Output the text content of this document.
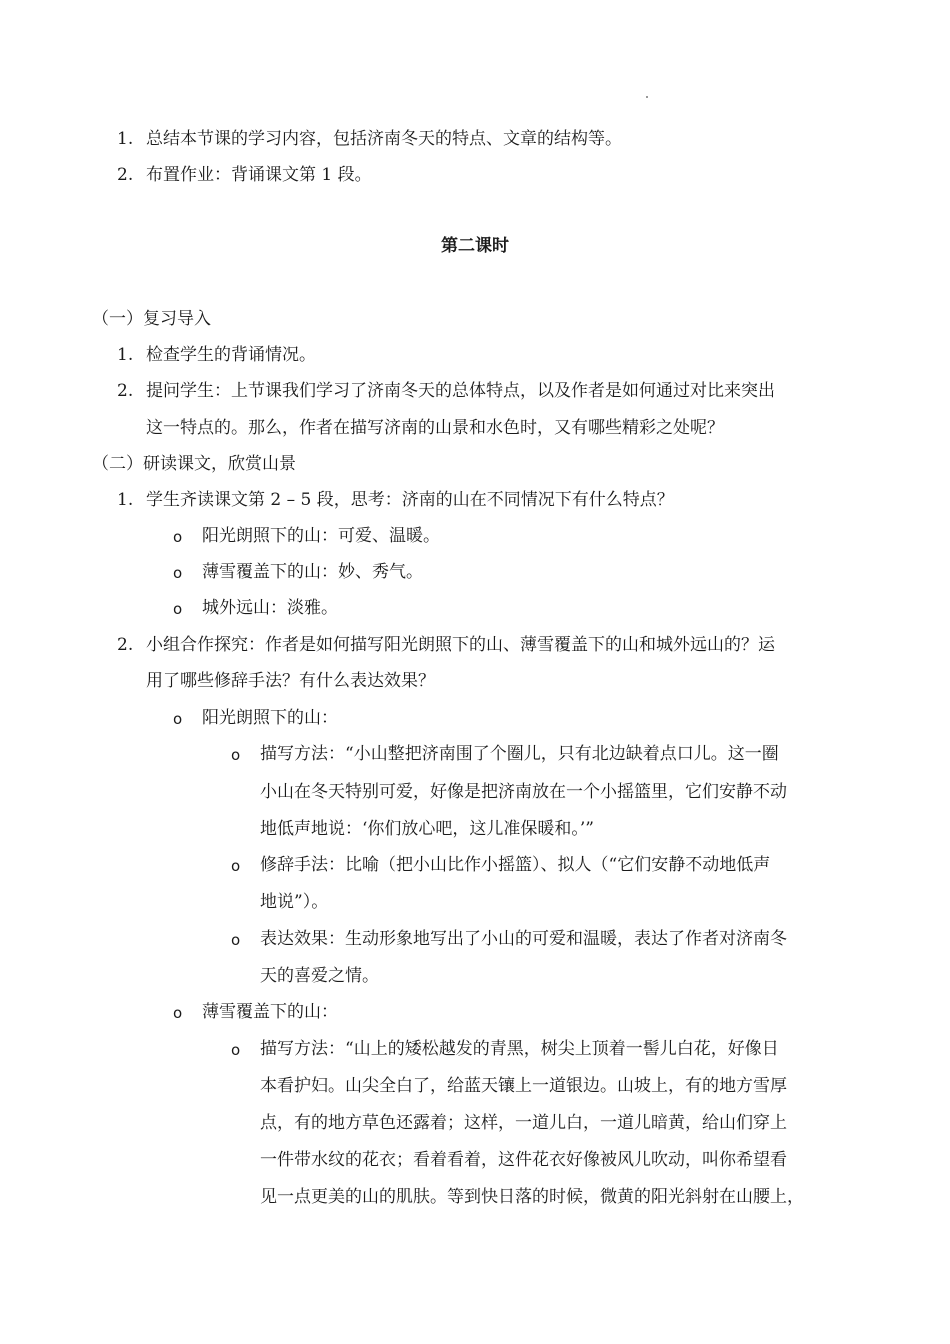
1. 总结本节课的学习内容，包括济南冬天的特点、文章的结构等。
2. 布置作业：背诵课文第 1 段。
第二课时
（一）复习导入
1. 检查学生的背诵情况。
2. 提问学生：上节课我们学习了济南冬天的总体特点，以及作者是如何通过对比来突出
这一特点的。那么，作者在描写济南的山景和水色时，又有哪些精彩之处呢？
（二）研读课文，欣赏山景
1. 学生齐读课文第 2 – 5 段，思考：济南的山在不同情况下有什么特点？
o 阳光朗照下的山：可爱、温暖。
o 薄雪覆盖下的山：妙、秀气。
o 城外远山：淡雅。
2. 小组合作探究：作者是如何描写阳光朗照下的山、薄雪覆盖下的山和城外远山的？运
用了哪些修辞手法？有什么表达效果？
o 阳光朗照下的山：
o 描写方法：“小山整把济南围了个圈儿，只有北边缺着点口儿。这一圈
小山在冬天特别可爱，好像是把济南放在一个小摇篮里，它们安静不动
地低声地说：‘你们放心吧，这儿准保暖和。’”
o 修辞手法：比喻（把小山比作小摇篮）、拟人（“它们安静不动地低声
地说”）。
o 表达效果：生动形象地写出了小山的可爱和温暖，表达了作者对济南冬
天的喜爱之情。
o 薄雪覆盖下的山：
o 描写方法：“山上的矮松越发的青黑，树尖上顶着一髻儿白花，好像日
本看护妇。山尖全白了，给蓝天镶上一道银边。山坡上，有的地方雪厚
点，有的地方草色还露着；这样，一道儿白，一道儿暗黄，给山们穿上
一件带水纹的花衣；看着看着，这件花衣好像被风儿吹动，叫你希望看
见一点更美的山的肌肤。等到快日落的时候，微黄的阳光斜射在山腰上，
